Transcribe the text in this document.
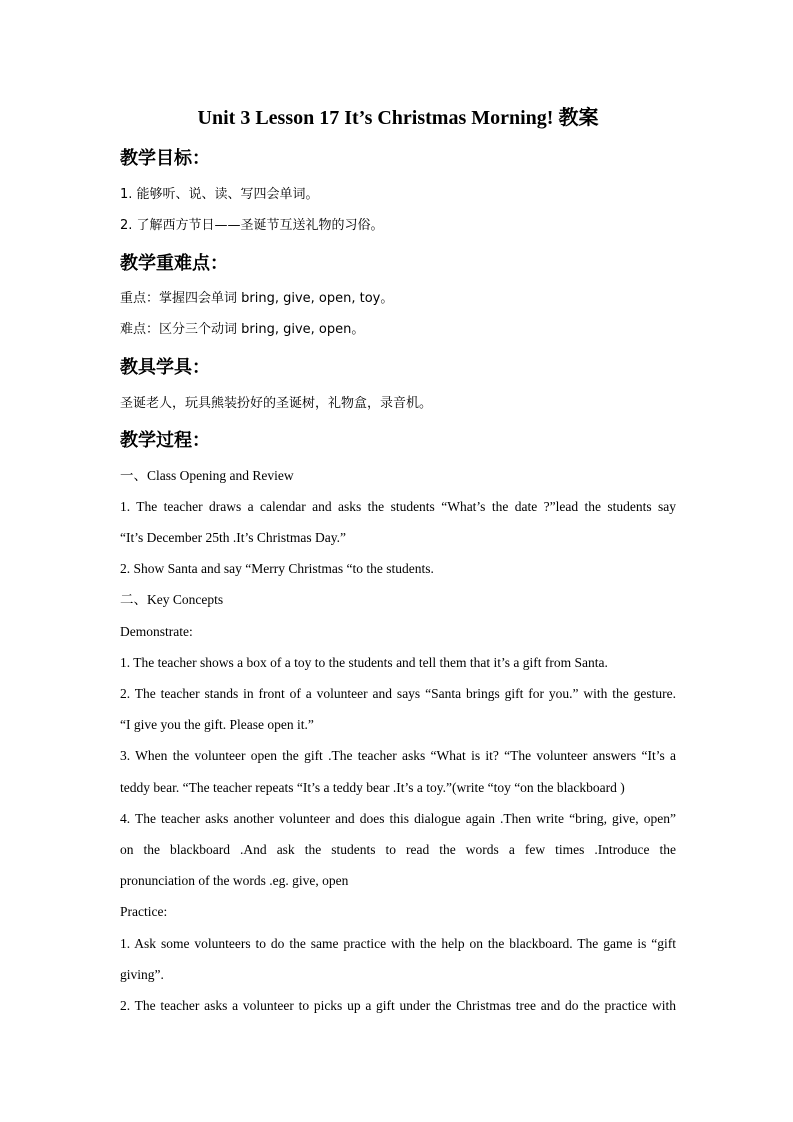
Unit 3 Lesson 17 It’s Christmas Morning! 教案
教学目标：
1. 能够听、说、读、写四会单词。
2. 了解西方节日——圣诞节互送礼物的习俗。
教学重难点：
重点：掌握四会单词 bring, give, open, toy。
难点：区分三个动词 bring, give, open。
教具学具：
圣诞老人，玩具熊装扮好的圣诞树，礼物盒，录音机。
教学过程：
一、Class Opening and Review
1. The teacher draws a calendar and asks the students “What’s the date ?”lead the students say
“It’s December 25th .It’s Christmas Day.”
2. Show Santa and say “Merry Christmas “to the students.
二、Key Concepts
Demonstrate:
1. The teacher shows a box of a toy to the students and tell them that it’s a gift from Santa.
2. The teacher stands in front of a volunteer and says “Santa brings gift for you.” with the gesture.
“I give you the gift. Please open it.”
3. When the volunteer open the gift .The teacher asks “What is it? “The volunteer answers “It’s a
teddy bear. “The teacher repeats “It’s a teddy bear .It’s a toy.”(write “toy “on the blackboard )
4. The teacher asks another volunteer and does this dialogue again .Then write “bring, give, open”
on the blackboard .And ask the students to read the words a few times .Introduce the
pronunciation of the words .eg. give, open
Practice:
1. Ask some volunteers to do the same practice with the help on the blackboard. The game is “gift
giving”.
2. The teacher asks a volunteer to picks up a gift under the Christmas tree and do the practice with
